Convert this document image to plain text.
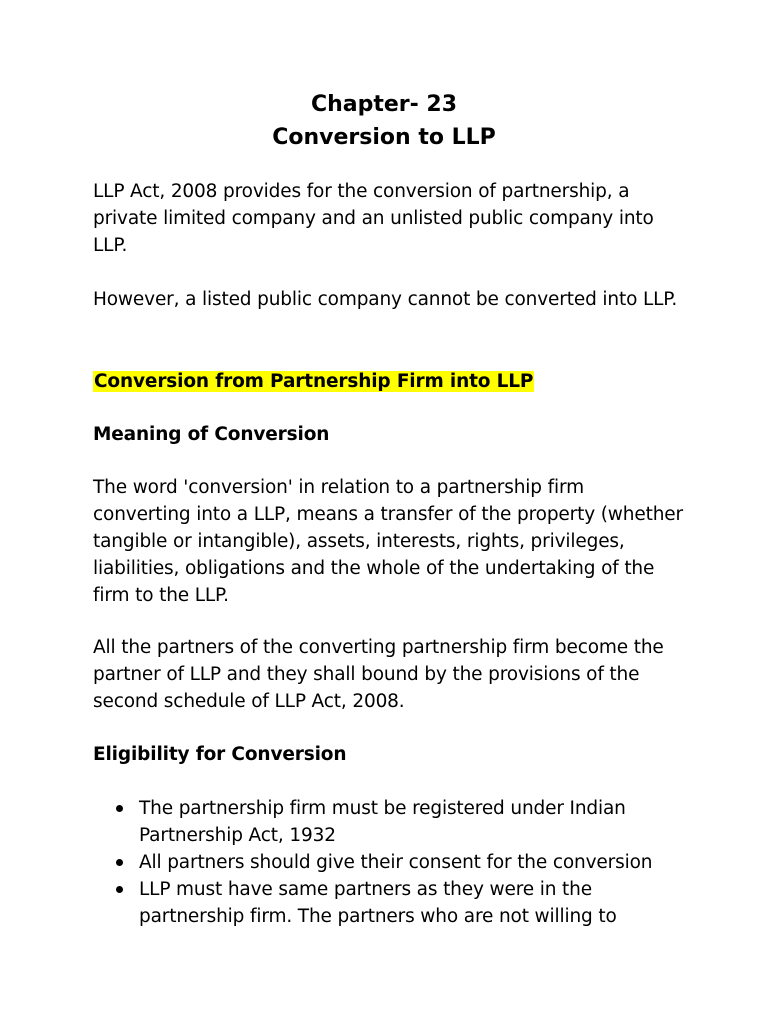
Chapter- 23
Conversion to LLP

LLP Act, 2008 provides for the conversion of partnership, a private limited company and an unlisted public company into LLP.

However, a listed public company cannot be converted into LLP.

Conversion from Partnership Firm into LLP

Meaning of Conversion

The word 'conversion' in relation to a partnership firm converting into a LLP, means a transfer of the property (whether tangible or intangible), assets, interests, rights, privileges, liabilities, obligations and the whole of the undertaking of the firm to the LLP.

All the partners of the converting partnership firm become the partner of LLP and they shall bound by the provisions of the second schedule of LLP Act, 2008.

Eligibility for Conversion

The partnership firm must be registered under Indian Partnership Act, 1932
All partners should give their consent for the conversion
LLP must have same partners as they were in the partnership firm. The partners who are not willing to
